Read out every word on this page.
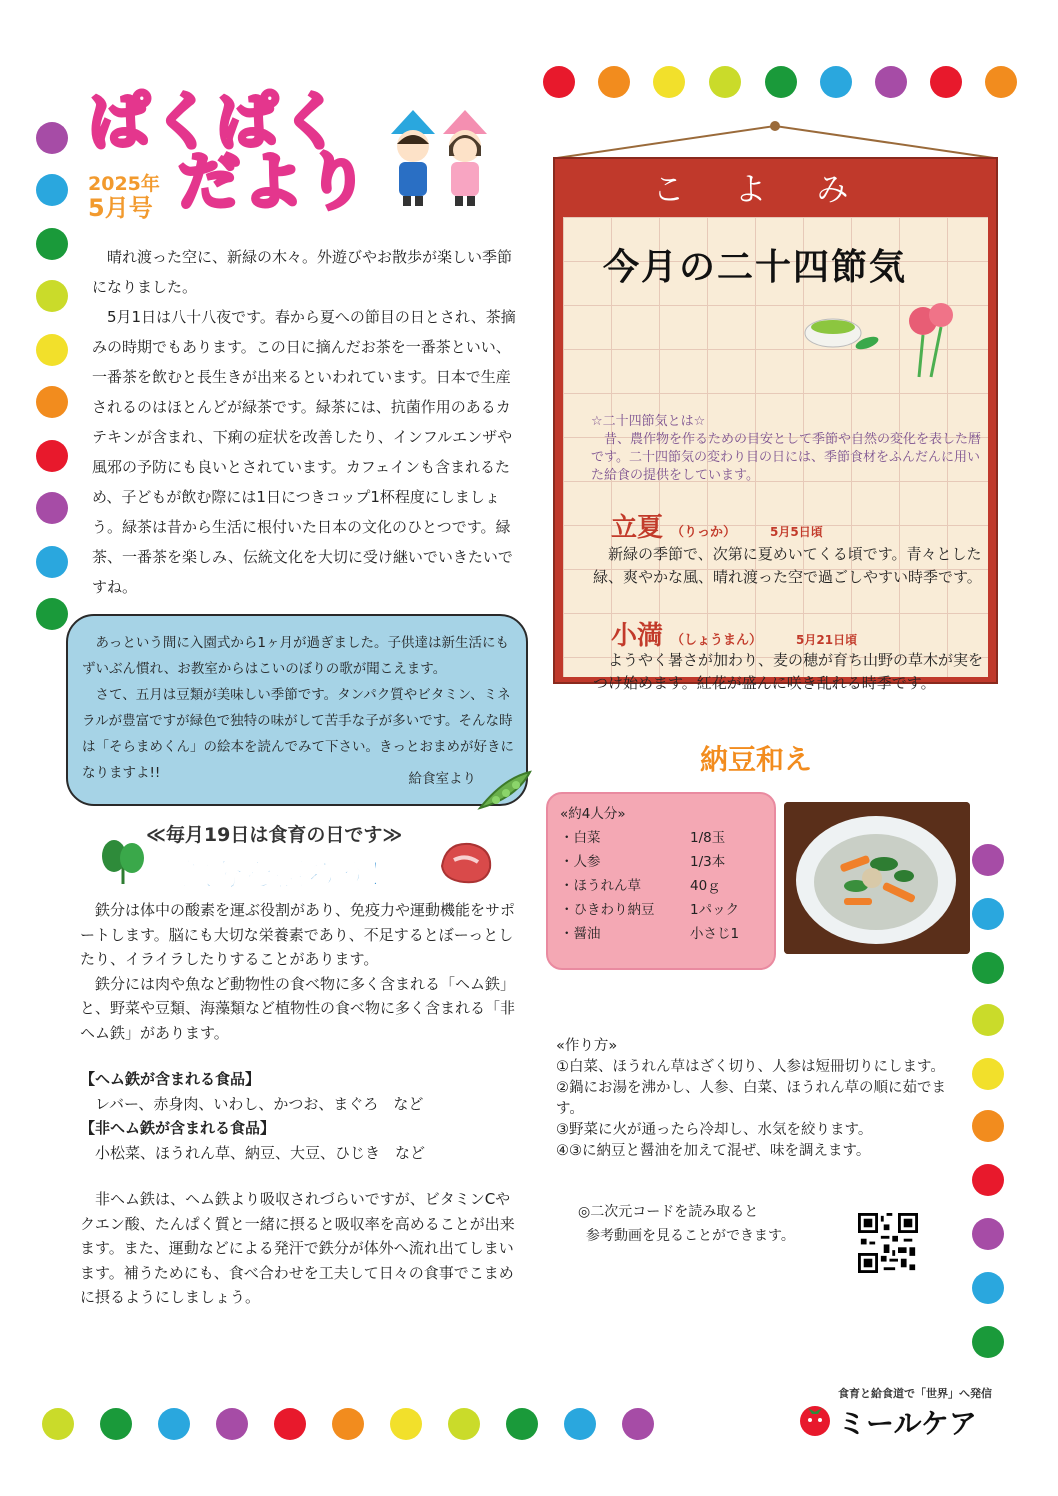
ぱくぱく
だより
2025年
5月号

　晴れ渡った空に、新緑の木々。外遊びやお散歩が楽しい季節になりました。

　5月1日は八十八夜です。春から夏への節目の日とされ、茶摘みの時期でもあります。この日に摘んだお茶を一番茶といい、一番茶を飲むと長生きが出来るといわれています。日本で生産されるのはほとんどが緑茶です。緑茶には、抗菌作用のあるカテキンが含まれ、下痢の症状を改善したり、インフルエンザや風邪の予防にも良いとされています。カフェインも含まれるため、子どもが飲む際には1日につきコップ1杯程度にしましょう。緑茶は昔から生活に根付いた日本の文化のひとつです。緑茶、一番茶を楽しみ、伝統文化を大切に受け継いでいきたいですね。

　あっという間に入園式から1ヶ月が過ぎました。子供達は新生活にもずいぶん慣れ、お教室からはこいのぼりの歌が聞こえます。

　さて、五月は豆類が美味しい季節です。タンパク質やビタミン、ミネラルが豊富ですが緑色で独特の味がして苦手な子が多いです。そんな時は「そらまめくん」の絵本を読んでみて下さい。きっとおまめが好きになりますよ!!	給食室より
≪毎月19日は食育の日です≫
鉄分を摂ろう！

　鉄分は体中の酸素を運ぶ役割があり、免疫力や運動機能をサポートします。脳にも大切な栄養素であり、不足するとぼーっとしたり、イライラしたりすることがあります。

　鉄分には肉や魚など動物性の食べ物に多く含まれる「ヘム鉄」と、野菜や豆類、海藻類など植物性の食べ物に多く含まれる「非ヘム鉄」があります。

【ヘム鉄が含まれる食品】

　レバー、赤身肉、いわし、かつお、まぐろ　など

【非ヘム鉄が含まれる食品】

　小松菜、ほうれん草、納豆、大豆、ひじき　など

　非ヘム鉄は、ヘム鉄より吸収されづらいですが、ビタミンCやクエン酸、たんぱく質と一緒に摂ると吸収率を高めることが出来ます。また、運動などによる発汗で鉄分が体外へ流れ出てしまいます。補うためにも、食べ合わせを工夫して日々の食事でこまめに摂るようにしましょう。

こよみ
今月の二十四節気

☆二十四節気とは☆

　昔、農作物を作るための目安として季節や自然の変化を表した暦です。二十四節気の変わり目の日には、季節食材をふんだんに用いた給食の提供をしています。

立夏 （りっか）	5月5日頃

　新緑の季節で、次第に夏めいてくる頃です。青々とした緑、爽やかな風、晴れ渡った空で過ごしやすい時季です。

小満 （しょうまん）	5月21日頃

　ようやく暑さが加わり、麦の穂が育ち山野の草木が実をつけ始めます。紅花が盛んに咲き乱れる時季です。

納豆和え
«約4人分»
・白菜	1/8玉
・人参	1/3本
・ほうれん草	40ｇ
・ひきわり納豆	1パック
・醤油	小さじ1

«作り方»

①白菜、ほうれん草はざく切り、人参は短冊切りにします。

②鍋にお湯を沸かし、人参、白菜、ほうれん草の順に茹でます。

③野菜に火が通ったら冷却し、水気を絞ります。

④③に納豆と醤油を加えて混ぜ、味を調えます。

◎二次元コードを読み取ると

参考動画を見ることができます。

食育と給食道で「世界」へ発信
ミールケア
